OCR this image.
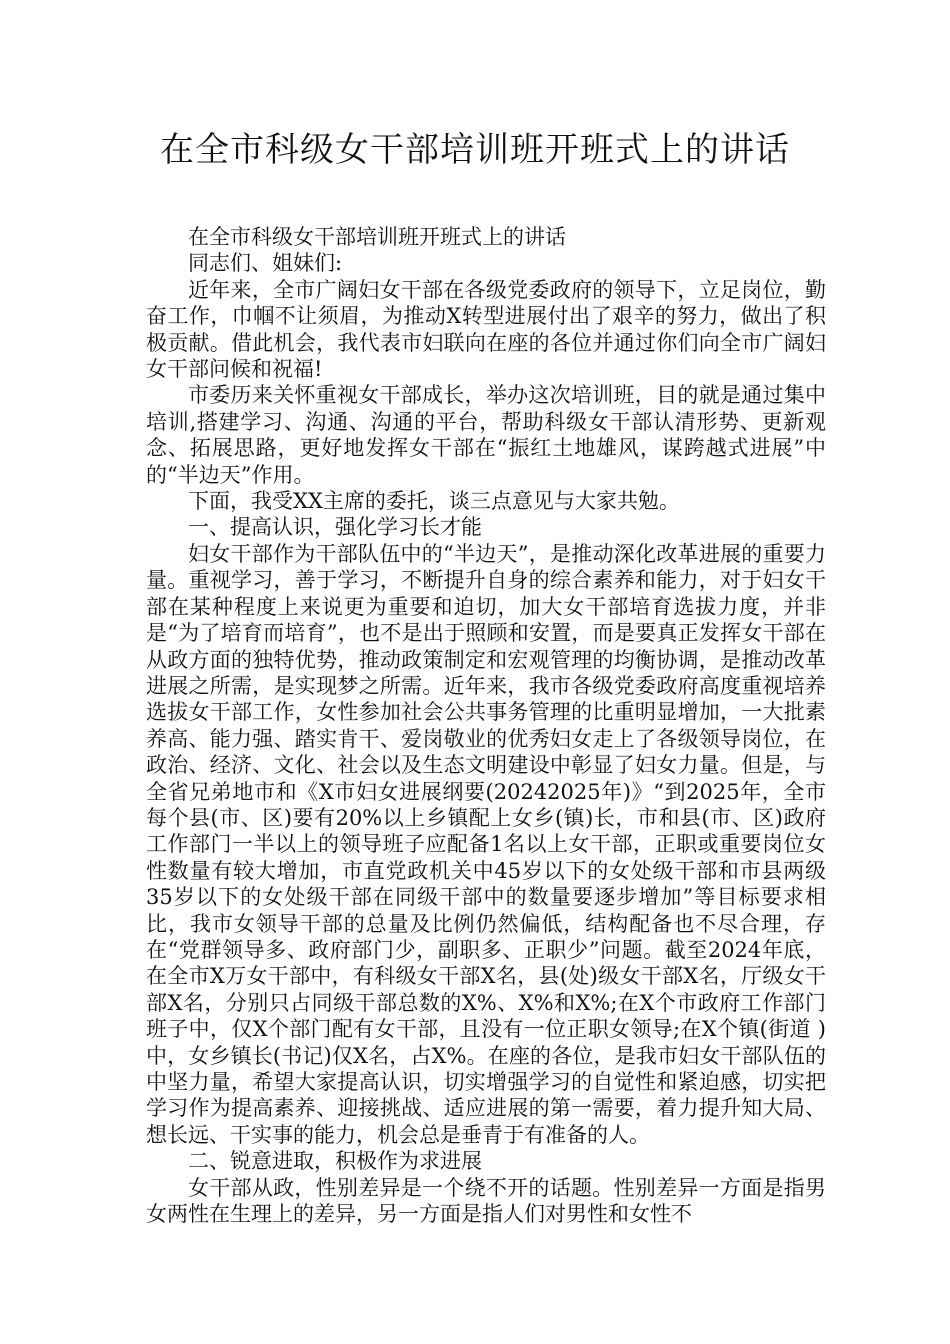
在全市科级女干部培训班开班式上的讲话

在全市科级女干部培训班开班式上的讲话

同志们、姐妹们:

近年来，全市广阔妇女干部在各级党委政府的领导下，立足岗位，勤奋工作，巾帼不让须眉，为推动X转型进展付出了艰辛的努力，做出了积极贡献。借此机会，我代表市妇联向在座的各位并通过你们向全市广阔妇女干部问候和祝福!

市委历来关怀重视女干部成长，举办这次培训班，目的就是通过集中培训,搭建学习、沟通、沟通的平台，帮助科级女干部认清形势、更新观念、拓展思路，更好地发挥女干部在“振红土地雄风，谋跨越式进展”中的“半边天”作用。

下面，我受XX主席的委托，谈三点意见与大家共勉。

一、提高认识，强化学习长才能

妇女干部作为干部队伍中的“半边天”，是推动深化改革进展的重要力量。重视学习，善于学习，不断提升自身的综合素养和能力，对于妇女干部在某种程度上来说更为重要和迫切，加大女干部培育选拔力度，并非是“为了培育而培育”，也不是出于照顾和安置，而是要真正发挥女干部在从政方面的独特优势，推动政策制定和宏观管理的均衡协调，是推动改革进展之所需，是实现梦之所需。近年来，我市各级党委政府高度重视培养选拔女干部工作，女性参加社会公共事务管理的比重明显增加，一大批素养高、能力强、踏实肯干、爱岗敬业的优秀妇女走上了各级领导岗位，在政治、经济、文化、社会以及生态文明建设中彰显了妇女力量。但是，与全省兄弟地市和《X市妇女进展纲要(20242025年)》“到2025年，全市每个县(市、区)要有20%以上乡镇配上女乡(镇)长，市和县(市、区)政府工作部门一半以上的领导班子应配备1名以上女干部，正职或重要岗位女性数量有较大增加，市直党政机关中45岁以下的女处级干部和市县两级35岁以下的女处级干部在同级干部中的数量要逐步增加”等目标要求相比，我市女领导干部的总量及比例仍然偏低，结构配备也不尽合理，存在“党群领导多、政府部门少，副职多、正职少”问题。截至2024年底，在全市X万女干部中，有科级女干部X名，县(处)级女干部X名，厅级女干部X名，分别只占同级干部总数的X%、X%和X%;在X个市政府工作部门班子中，仅X个部门配有女干部，且没有一位正职女领导;在X个镇(街道 )中，女乡镇长(书记)仅X名，占X%。在座的各位，是我市妇女干部队伍的中坚力量，希望大家提高认识，切实增强学习的自觉性和紧迫感，切实把学习作为提高素养、迎接挑战、适应进展的第一需要，着力提升知大局、想长远、干实事的能力，机会总是垂青于有准备的人。

二、锐意进取，积极作为求进展

女干部从政，性别差异是一个绕不开的话题。性别差异一方面是指男女两性在生理上的差异，另一方面是指人们对男性和女性不
